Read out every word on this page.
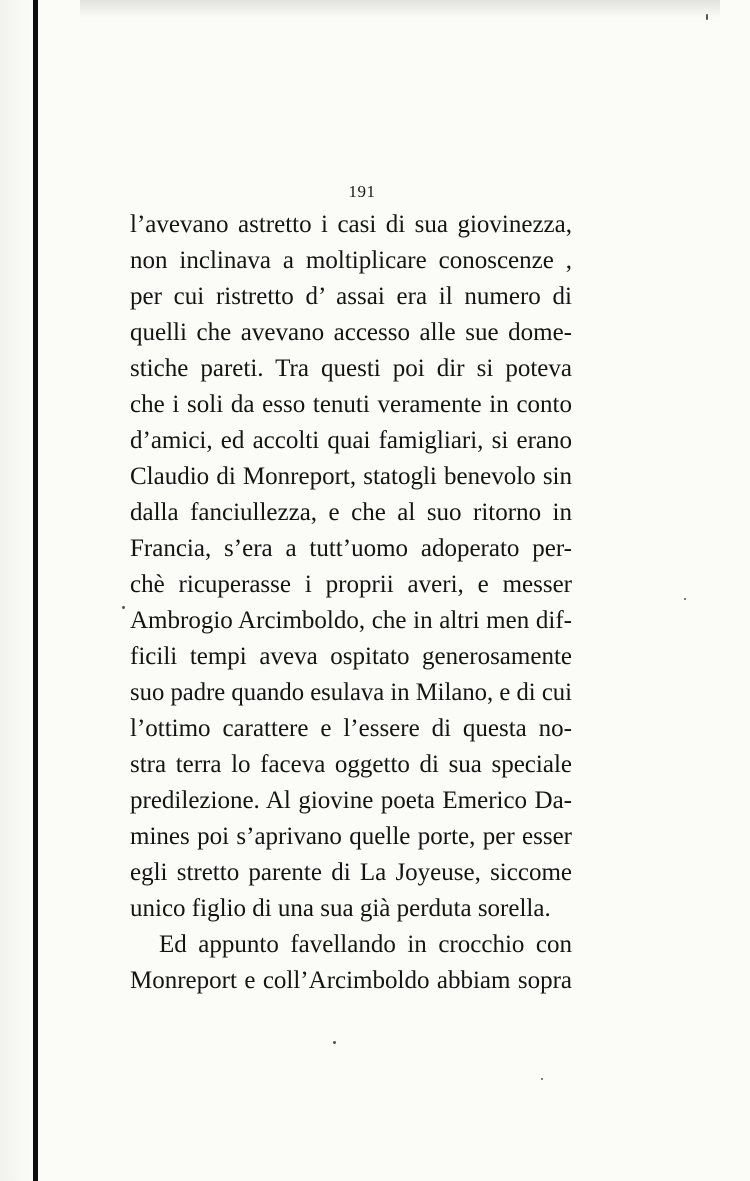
191
l’avevano astretto i casi di sua giovinezza,
non inclinava a moltiplicare conoscenze ,
per cui ristretto d’ assai era il numero di
quelli che avevano accesso alle sue dome-
stiche pareti. Tra questi poi dir si poteva
che i soli da esso tenuti veramente in conto
d’amici, ed accolti quai famigliari, si erano
Claudio di Monreport, statogli benevolo sin
dalla fanciullezza, e che al suo ritorno in
Francia, s’era a tutt’uomo adoperato per-
chè ricuperasse i proprii averi, e messer
Ambrogio Arcimboldo, che in altri men dif-
ficili tempi aveva ospitato generosamente
suo padre quando esulava in Milano, e di cui
l’ottimo carattere e l’essere di questa no-
stra terra lo faceva oggetto di sua speciale
predilezione. Al giovine poeta Emerico Da-
mines poi s’aprivano quelle porte, per esser
egli stretto parente di La Joyeuse, siccome
unico figlio di una sua già perduta sorella.
Ed appunto favellando in crocchio con
Monreport e coll’Arcimboldo abbiam sopra
